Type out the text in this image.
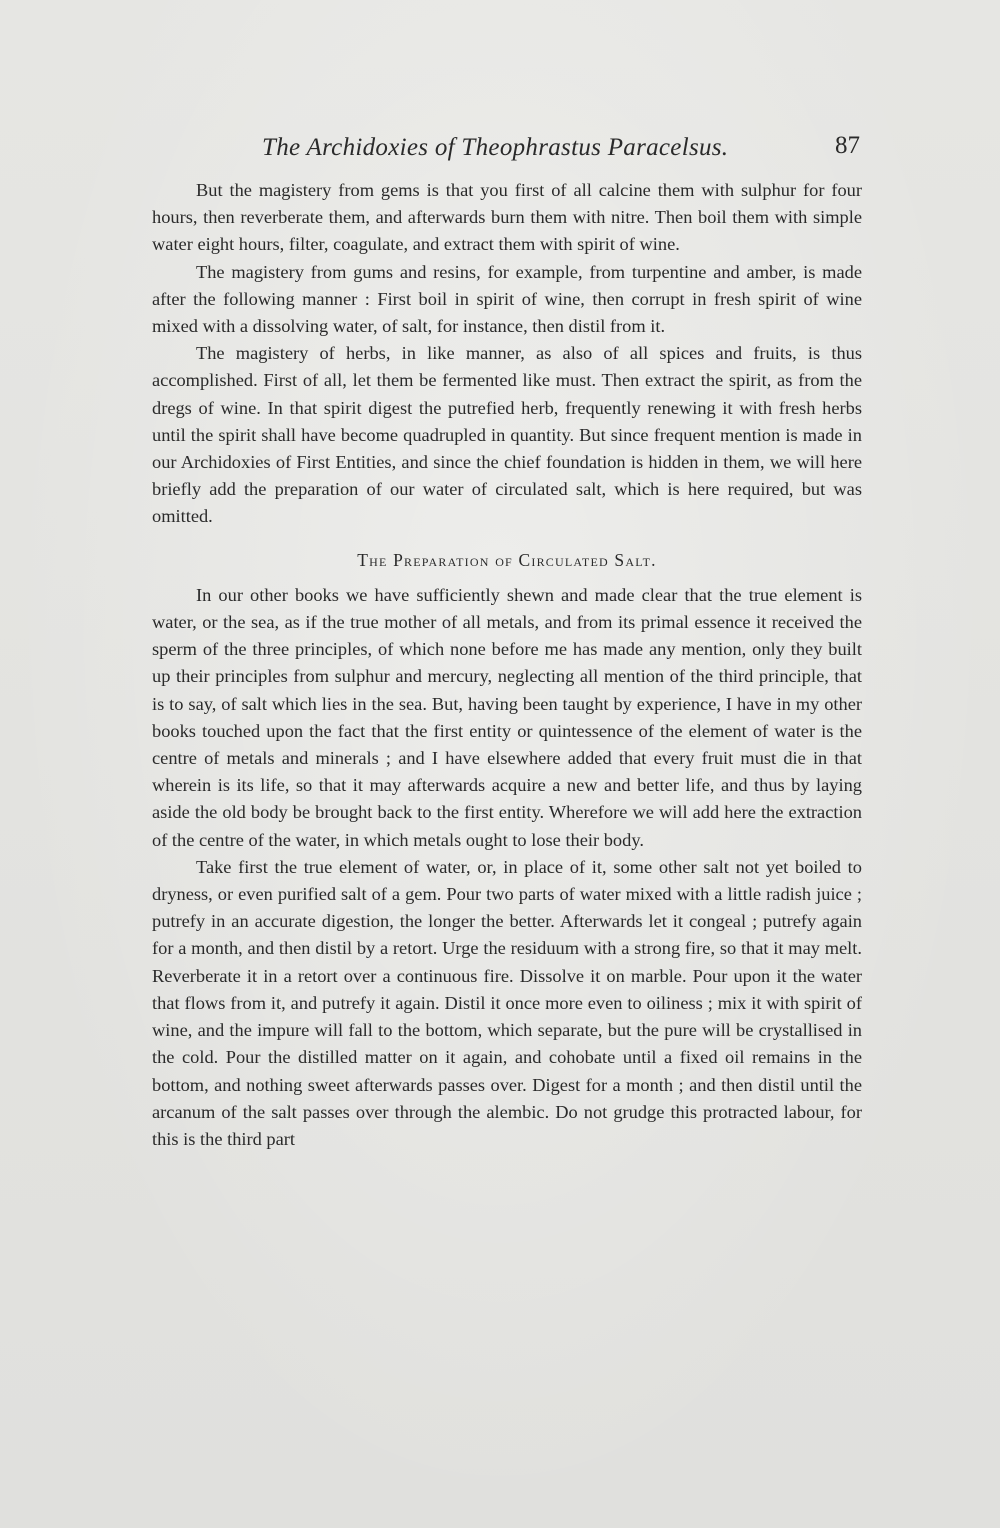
The Archidoxies of Theophrastus Paracelsus.	87

But the magistery from gems is that you first of all calcine them with sulphur for four hours, then reverberate them, and afterwards burn them with nitre. Then boil them with simple water eight hours, filter, coagulate, and extract them with spirit of wine.

The magistery from gums and resins, for example, from turpentine and amber, is made after the following manner : First boil in spirit of wine, then corrupt in fresh spirit of wine mixed with a dissolving water, of salt, for instance, then distil from it.

The magistery of herbs, in like manner, as also of all spices and fruits, is thus accomplished. First of all, let them be fermented like must. Then extract the spirit, as from the dregs of wine. In that spirit digest the putrefied herb, frequently renewing it with fresh herbs until the spirit shall have become quadrupled in quantity. But since frequent mention is made in our Archidoxies of First Entities, and since the chief foundation is hidden in them, we will here briefly add the preparation of our water of circulated salt, which is here required, but was omitted.

The Preparation of Circulated Salt.

In our other books we have sufficiently shewn and made clear that the true element is water, or the sea, as if the true mother of all metals, and from its primal essence it received the sperm of the three principles, of which none before me has made any mention, only they built up their principles from sulphur and mercury, neglecting all mention of the third principle, that is to say, of salt which lies in the sea. But, having been taught by experience, I have in my other books touched upon the fact that the first entity or quintessence of the element of water is the centre of metals and minerals ; and I have elsewhere added that every fruit must die in that wherein is its life, so that it may afterwards acquire a new and better life, and thus by laying aside the old body be brought back to the first entity. Wherefore we will add here the extraction of the centre of the water, in which metals ought to lose their body.

Take first the true element of water, or, in place of it, some other salt not yet boiled to dryness, or even purified salt of a gem. Pour two parts of water mixed with a little radish juice ; putrefy in an accurate digestion, the longer the better. Afterwards let it congeal ; putrefy again for a month, and then distil by a retort. Urge the residuum with a strong fire, so that it may melt. Reverberate it in a retort over a continuous fire. Dissolve it on marble. Pour upon it the water that flows from it, and putrefy it again. Distil it once more even to oiliness ; mix it with spirit of wine, and the impure will fall to the bottom, which separate, but the pure will be crystallised in the cold. Pour the distilled matter on it again, and cohobate until a fixed oil remains in the bottom, and nothing sweet afterwards passes over. Digest for a month ; and then distil until the arcanum of the salt passes over through the alembic. Do not grudge this protracted labour, for this is the third part
